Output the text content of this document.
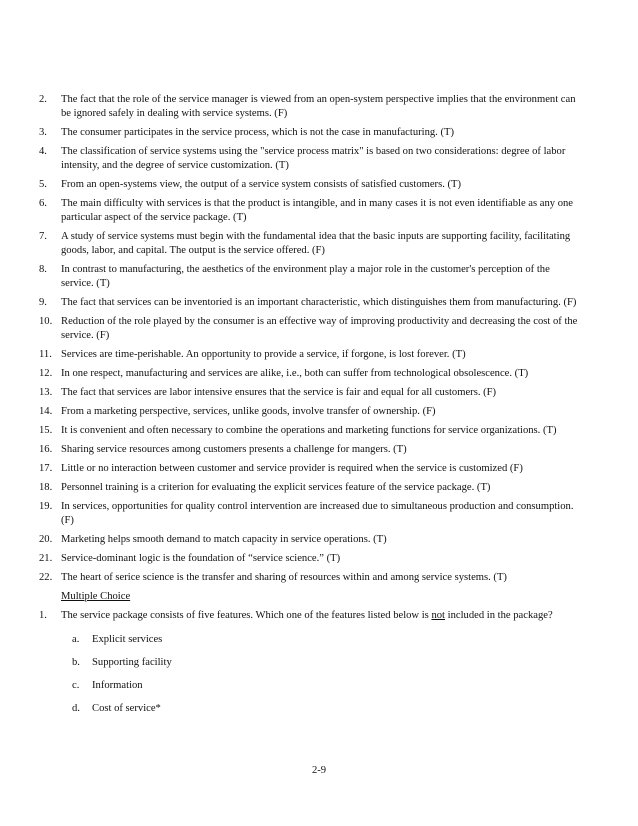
2.	The fact that the role of the service manager is viewed from an open-system perspective implies that the environment can be ignored safely in dealing with service systems. (F)
3.	The consumer participates in the service process, which is not the case in manufacturing. (T)
4.	The classification of service systems using the "service process matrix" is based on two considerations: degree of labor intensity, and the degree of service customization. (T)
5.	From an open-systems view, the output of a service system consists of satisfied customers. (T)
6.	The main difficulty with services is that the product is intangible, and in many cases it is not even identifiable as any one particular aspect of the service package. (T)
7.	A study of service systems must begin with the fundamental idea that the basic inputs are supporting facility, facilitating goods, labor, and capital. The output is the service offered. (F)
8.	In contrast to manufacturing, the aesthetics of the environment play a major role in the customer's perception of the service. (T)
9.	The fact that services can be inventoried is an important characteristic, which distinguishes them from manufacturing. (F)
10. Reduction of the role played by the consumer is an effective way of improving productivity and decreasing the cost of the service. (F)
11. Services are time-perishable. An opportunity to provide a service, if forgone, is lost forever. (T)
12. In one respect, manufacturing and services are alike, i.e., both can suffer from technological obsolescence. (T)
13. The fact that services are labor intensive ensures that the service is fair and equal for all customers. (F)
14. From a marketing perspective, services, unlike goods, involve transfer of ownership. (F)
15. It is convenient and often necessary to combine the operations and marketing functions for service organizations. (T)
16. Sharing service resources among customers presents a challenge for mangers. (T)
17. Little or no interaction between customer and service provider is required when the service is customized (F)
18. Personnel training is a criterion for evaluating the explicit services feature of the service package. (T)
19. In services, opportunities for quality control intervention are increased due to simultaneous production and consumption. (F)
20. Marketing helps smooth demand to match capacity in service operations. (T)
21. Service-dominant logic is the foundation of “service science.” (T)
22. The heart of serice science is the transfer and sharing of resources within and among service systems. (T)
Multiple Choice
1.	The service package consists of five features. Which one of the features listed below is not included in the package?
a.	Explicit services
b.	Supporting facility
c.	Information
d.	Cost of service*
2-9
